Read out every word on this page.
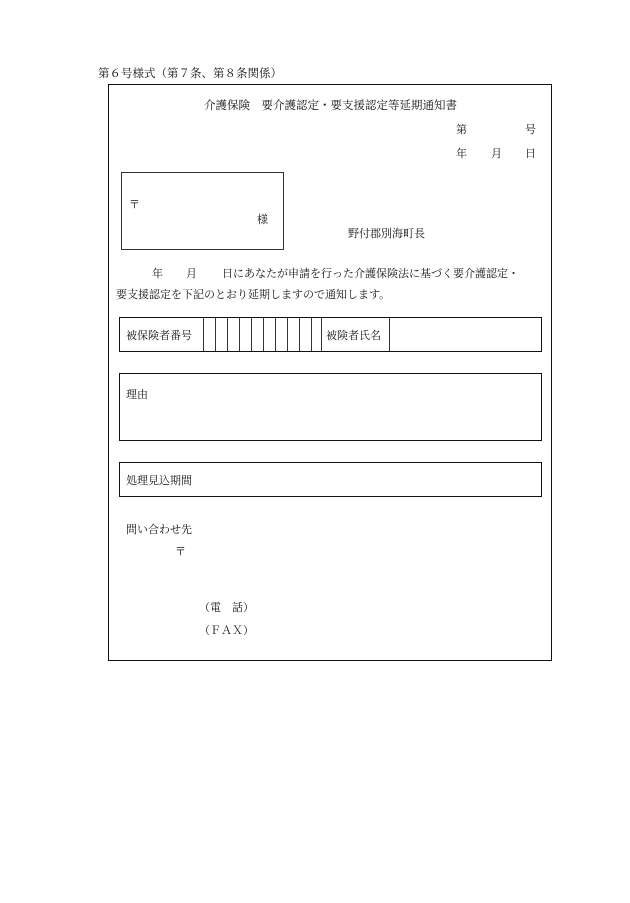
第６号様式（第７条、第８条関係）
介護保険　要介護認定・要支援認定等延期通知書
第	号
年 月 日
〒
様
野付郡別海町長
年 月 日にあなたが申請を行った介護保険法に基づく要介護認定・
要支援認定を下記のとおり延期しますので通知します。
被保険者番号	被険者氏名
理由
処理見込期間
問い合わせ先
〒
（電　話）
（ＦＡＸ）
